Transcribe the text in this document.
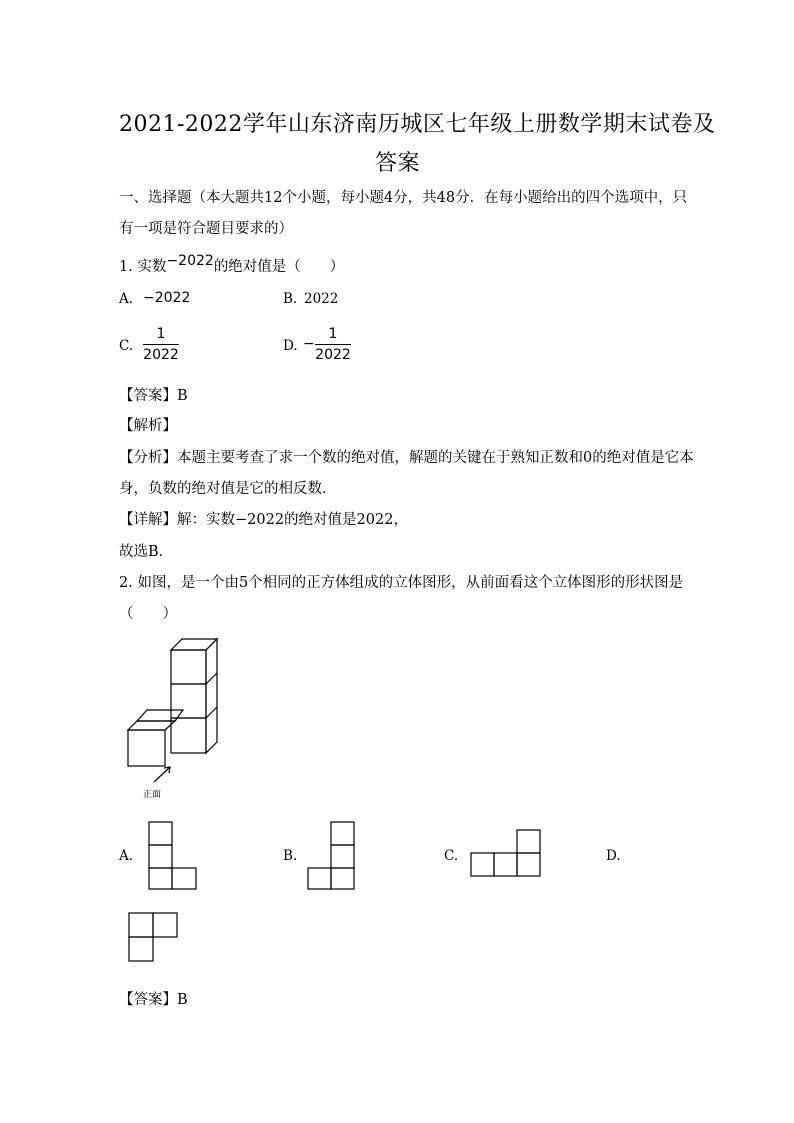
2021-2022学年山东济南历城区七年级上册数学期末试卷及
答案
一、选择题（本大题共12个小题，每小题4分，共48分．在每小题给出的四个选项中，只
有一项是符合题目要求的）
1. 实数−2022的绝对值是（　　）
A. −2022	B. 2022
C.
1
2022
D. −
1
2022
【答案】B
【解析】
【分析】本题主要考查了求一个数的绝对值，解题的关键在于熟知正数和0的绝对值是它本
身，负数的绝对值是它的相反数．
【详解】解：实数−2022的绝对值是2022，
故选B．
2. 如图，是一个由5个相同的正方体组成的立体图形，从前面看这个立体图形的形状图是
（　　）
正面
A.	B.	C.	D.
【答案】B
